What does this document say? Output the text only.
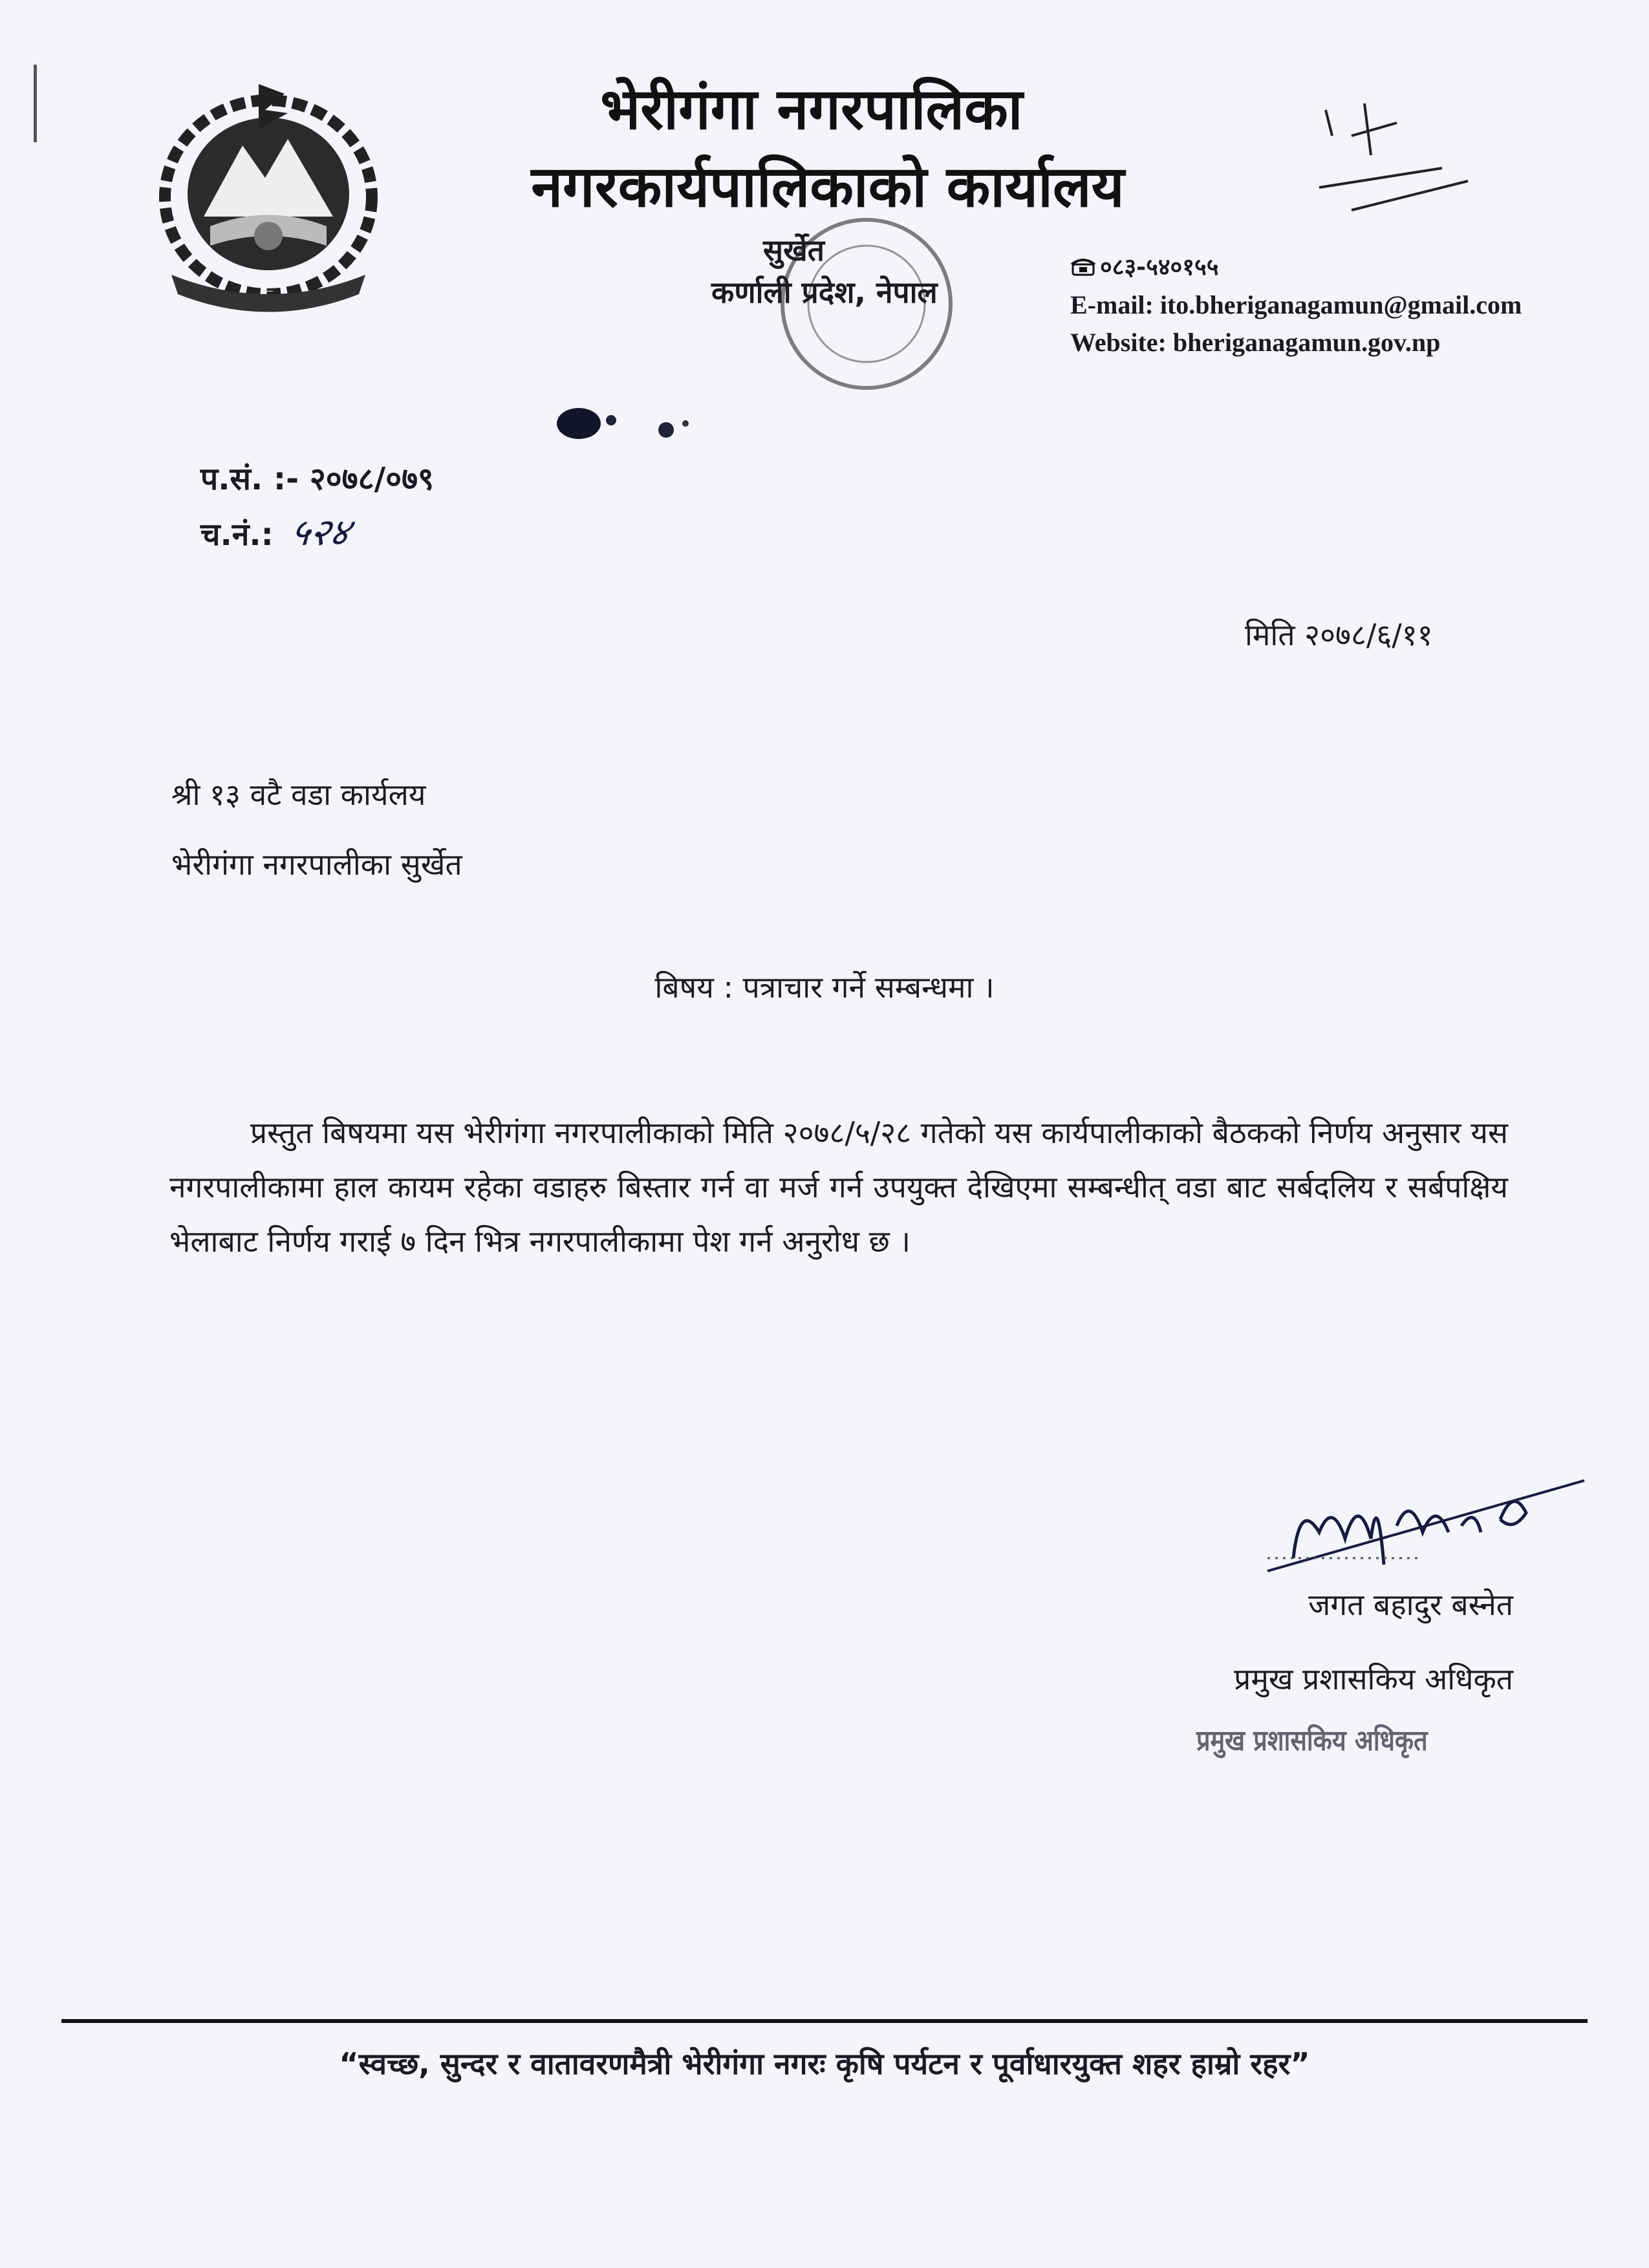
—
भेरीगंगा नगरपालिका
नगरकार्यपालिकाको कार्यालय
सुर्खेत
कर्णाली प्रदेश, नेपाल
०८३-५४०१५५
E-mail: ito.bheriganagamun@gmail.com
Website: bheriganagamun.gov.np
प.सं. :- २०७८/०७९
च.नं.: ५२४
मिति २०७८/६/११
श्री १३ वटै वडा कार्यलय
भेरीगंगा नगरपालीका सुर्खेत
बिषय : पत्राचार गर्ने सम्बन्धमा ।

प्रस्तुत बिषयमा यस भेरीगंगा नगरपालीकाको मिति २०७८/५/२८ गतेको यस कार्यपालीकाको बैठकको निर्णय अनुसार यस नगरपालीकामा हाल कायम रहेका वडाहरु बिस्तार गर्न वा मर्ज गर्न उपयुक्त देखिएमा सम्बन्धीत् वडा बाट सर्बदलिय र सर्बपक्षिय भेलाबाट निर्णय गराई ७ दिन भित्र नगरपालीकामा पेश गर्न अनुरोध छ ।

जगत बहादुर बस्नेत
प्रमुख प्रशासकिय अधिकृत
प्रमुख प्रशासकिय अधिकृत
“स्वच्छ, सुन्दर र वातावरणमैत्री भेरीगंगा नगरः कृषि पर्यटन र पूर्वाधारयुक्त शहर हाम्रो रहर”
